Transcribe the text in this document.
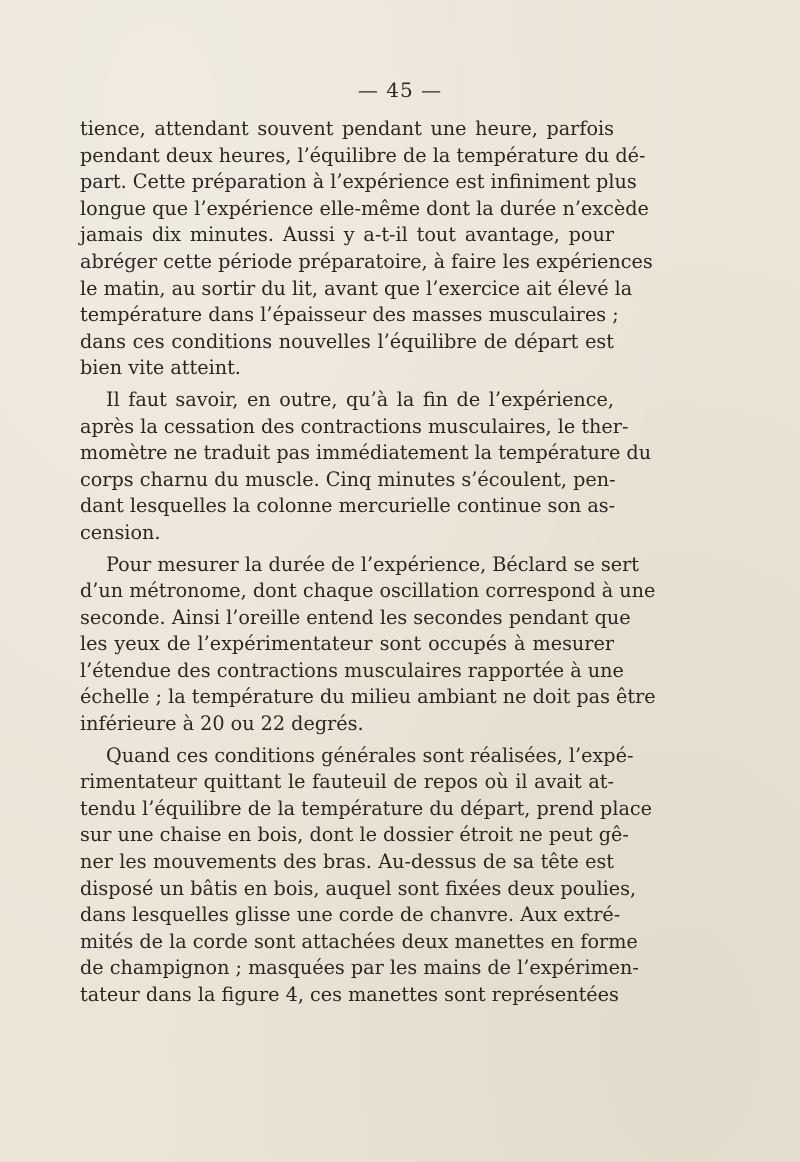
— 45 —

tience, attendant souvent pendant une heure, parfois
pendant deux heures, l’équilibre de la température du dé-
part. Cette préparation à l’expérience est infiniment plus
longue que l’expérience elle-même dont la durée n’excède
jamais dix minutes. Aussi y a-t-il tout avantage, pour
abréger cette période préparatoire, à faire les expériences
le matin, au sortir du lit, avant que l’exercice ait élevé la
température dans l’épaisseur des masses musculaires ;
dans ces conditions nouvelles l’équilibre de départ est
bien vite atteint.

Il faut savoir, en outre, qu’à la fin de l’expérience,
après la cessation des contractions musculaires, le ther-
momètre ne traduit pas immédiatement la température du
corps charnu du muscle. Cinq minutes s’écoulent, pen-
dant lesquelles la colonne mercurielle continue son as-
cension.

Pour mesurer la durée de l’expérience, Béclard se sert
d’un métronome, dont chaque oscillation correspond à une
seconde. Ainsi l’oreille entend les secondes pendant que
les yeux de l’expérimentateur sont occupés à mesurer
l’étendue des contractions musculaires rapportée à une
échelle ; la température du milieu ambiant ne doit pas être
inférieure à 20 ou 22 degrés.

Quand ces conditions générales sont réalisées, l’expé-
rimentateur quittant le fauteuil de repos où il avait at-
tendu l’équilibre de la température du départ, prend place
sur une chaise en bois, dont le dossier étroit ne peut gê-
ner les mouvements des bras. Au-dessus de sa tête est
disposé un bâtis en bois, auquel sont fixées deux poulies,
dans lesquelles glisse une corde de chanvre. Aux extré-
mités de la corde sont attachées deux manettes en forme
de champignon ; masquées par les mains de l’expérimen-
tateur dans la figure 4, ces manettes sont représentées
